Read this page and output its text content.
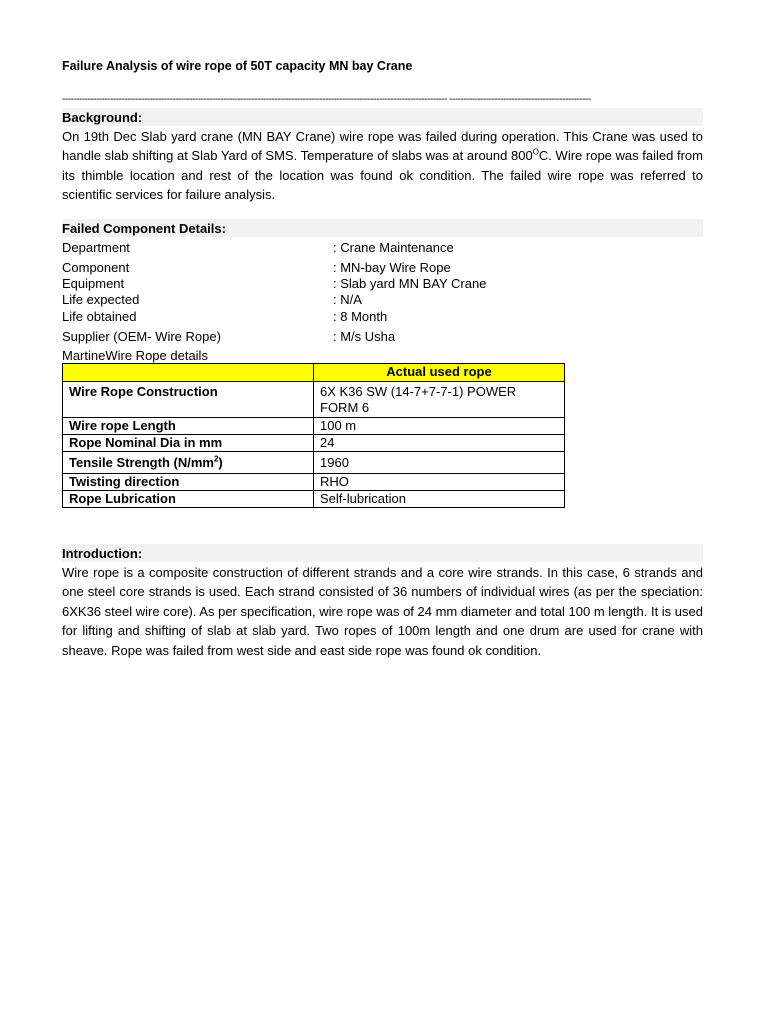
Failure Analysis of wire rope of 50T capacity MN bay Crane
---------------------------------------------------------------------------------------------------------------------------------------- --------------------------------------------------
Background:
On 19th Dec Slab yard crane (MN BAY Crane) wire rope was failed during operation. This Crane was used to handle slab shifting at Slab Yard of SMS. Temperature of slabs was at around $800^OC$. Wire rope was failed from its thimble location and rest of the location was found ok condition. The failed wire rope was referred to scientific services for failure analysis.
Failed Component Details:
Department	: Crane Maintenance
Component	: MN-bay Wire Rope
Equipment	: Slab yard MN BAY Crane
Life expected	: N/A
Life obtained	: 8 Month
Supplier (OEM- Wire Rope)	: M/s Usha
MartineWire Rope details
	Actual used rope
Wire Rope Construction	6X K36 SW (14-7+7-7-1) POWER FORM 6
Wire rope Length	100 m
Rope Nominal Dia in mm	24
Tensile Strength $(N/mm^2)$	1960
Twisting direction	RHO
Rope Lubrication	Self-lubrication
Introduction:
Wire rope is a composite construction of different strands and a core wire strands. In this case, 6 strands and one steel core strands is used. Each strand consisted of 36 numbers of individual wires (as per the speciation: 6XK36 steel wire core). As per specification, wire rope was of 24 mm diameter and total 100 m length. It is used for lifting and shifting of slab at slab yard. Two ropes of 100m length and one drum are used for crane with sheave. Rope was failed from west side and east side rope was found ok condition.
